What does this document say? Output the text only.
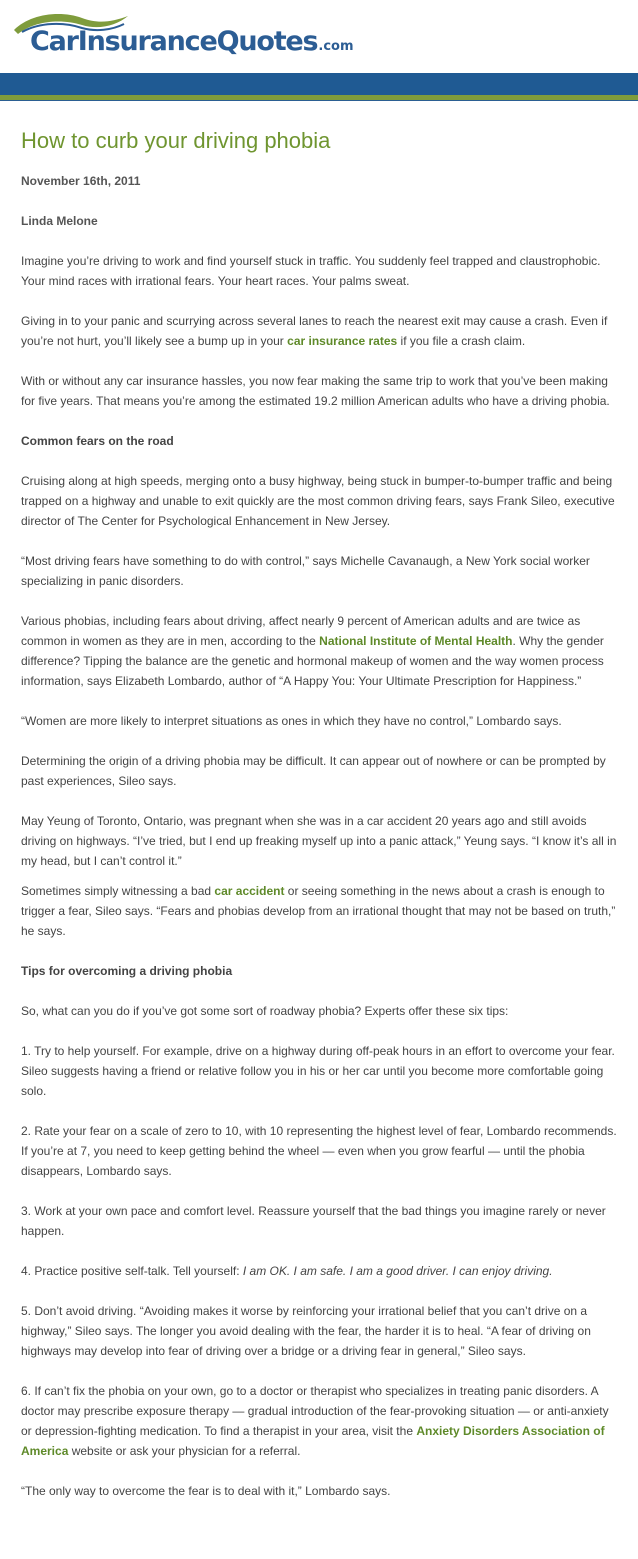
CarInsuranceQuotes.com
How to curb your driving phobia

November 16th, 2011

Linda Melone

Imagine you’re driving to work and find yourself stuck in traffic. You suddenly feel trapped and claustrophobic. Your mind races with irrational fears. Your heart races. Your palms sweat.

Giving in to your panic and scurrying across several lanes to reach the nearest exit may cause a crash. Even if you’re not hurt, you’ll likely see a bump up in your car insurance rates if you file a crash claim.

With or without any car insurance hassles, you now fear making the same trip to work that you’ve been making for five years. That means you’re among the estimated 19.2 million American adults who have a driving phobia.

Common fears on the road

Cruising along at high speeds, merging onto a busy highway, being stuck in bumper-to-bumper traffic and being trapped on a highway and unable to exit quickly are the most common driving fears, says Frank Sileo, executive director of The Center for Psychological Enhancement in New Jersey.

“Most driving fears have something to do with control,” says Michelle Cavanaugh, a New York social worker specializing in panic disorders.

Various phobias, including fears about driving, affect nearly 9 percent of American adults and are twice as common in women as they are in men, according to the National Institute of Mental Health. Why the gender difference? Tipping the balance are the genetic and hormonal makeup of women and the way women process information, says Elizabeth Lombardo, author of “A Happy You: Your Ultimate Prescription for Happiness.”

“Women are more likely to interpret situations as ones in which they have no control,” Lombardo says.

Determining the origin of a driving phobia may be difficult. It can appear out of nowhere or can be prompted by past experiences, Sileo says.

May Yeung of Toronto, Ontario, was pregnant when she was in a car accident 20 years ago and still avoids driving on highways. “I’ve tried, but I end up freaking myself up into a panic attack,” Yeung says. “I know it’s all in my head, but I can’t control it.”

Sometimes simply witnessing a bad car accident or seeing something in the news about a crash is enough to trigger a fear, Sileo says. “Fears and phobias develop from an irrational thought that may not be based on truth,” he says.

Tips for overcoming a driving phobia

So, what can you do if you’ve got some sort of roadway phobia? Experts offer these six tips:

1. Try to help yourself. For example, drive on a highway during off-peak hours in an effort to overcome your fear. Sileo suggests having a friend or relative follow you in his or her car until you become more comfortable going solo.

2. Rate your fear on a scale of zero to 10, with 10 representing the highest level of fear, Lombardo recommends. If you’re at 7, you need to keep getting behind the wheel — even when you grow fearful — until the phobia disappears, Lombardo says.

3. Work at your own pace and comfort level. Reassure yourself that the bad things you imagine rarely or never happen.

4. Practice positive self-talk. Tell yourself: I am OK. I am safe. I am a good driver. I can enjoy driving.

5. Don’t avoid driving. “Avoiding makes it worse by reinforcing your irrational belief that you can’t drive on a highway,” Sileo says. The longer you avoid dealing with the fear, the harder it is to heal. “A fear of driving on highways may develop into fear of driving over a bridge or a driving fear in general,” Sileo says.

6. If can’t fix the phobia on your own, go to a doctor or therapist who specializes in treating panic disorders. A doctor may prescribe exposure therapy — gradual introduction of the fear-provoking situation — or anti-anxiety or depression-fighting medication. To find a therapist in your area, visit the Anxiety Disorders Association of America website or ask your physician for a referral.

“The only way to overcome the fear is to deal with it,” Lombardo says.
